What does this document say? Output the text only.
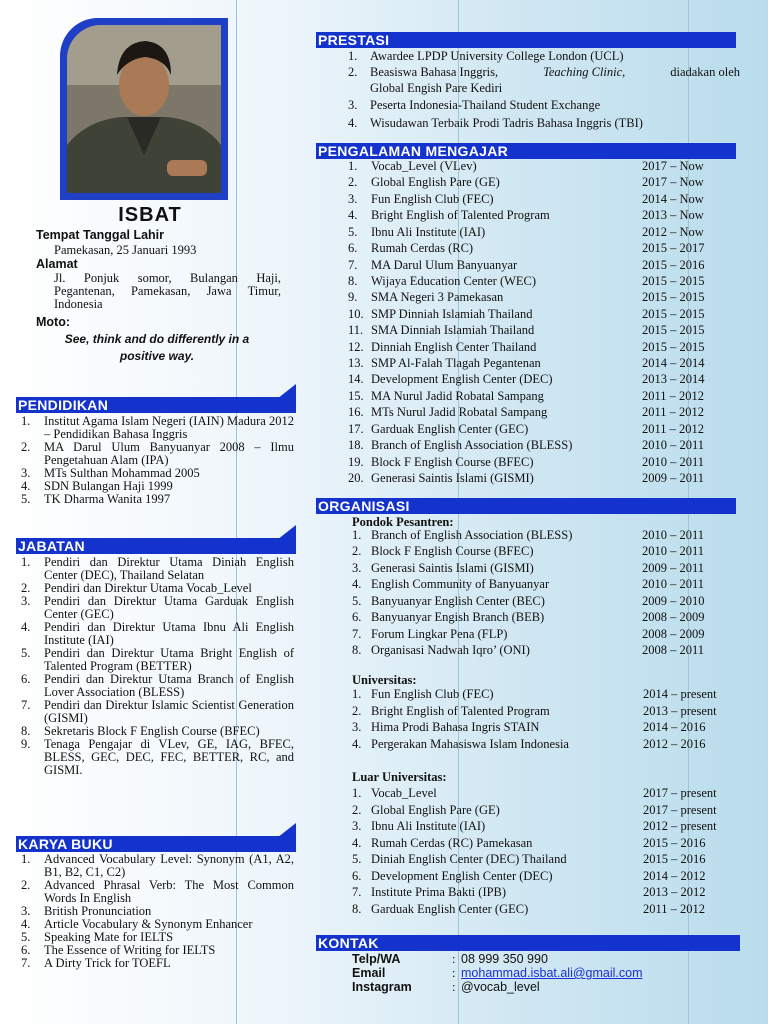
ISBAT
Tempat Tanggal Lahir
Pamekasan, 25 Januari 1993
Alamat
Jl. Ponjuk somor, Bulangan Haji, Pegantenan, Pamekasan, Jawa Timur, Indonesia
Moto:
See, think and do differently in a positive way.
PENDIDIKAN
1. Institut Agama Islam Negeri (IAIN) Madura 2012 – Pendidikan Bahasa Inggris
2. MA Darul Ulum Banyuanyar 2008 – Ilmu Pengetahuan Alam (IPA)
3. MTs Sulthan Mohammad 2005
4. SDN Bulangan Haji 1999
5. TK Dharma Wanita 1997
JABATAN
1. Pendiri dan Direktur Utama Diniah English Center (DEC), Thailand Selatan
2. Pendiri dan Direktur Utama Vocab_Level
3. Pendiri dan Direktur Utama Garduak English Center (GEC)
4. Pendiri dan Direktur Utama Ibnu Ali English Institute (IAI)
5. Pendiri dan Direktur Utama Bright English of Talented Program (BETTER)
6. Pendiri dan Direktur Utama Branch of English Lover Association (BLESS)
7. Pendiri dan Direktur Islamic Scientist Generation (GISMI)
8. Sekretaris Block F English Course (BFEC)
9. Tenaga Pengajar di VLev, GE, IAG, BFEC, BLESS, GEC, DEC, FEC, BETTER, RC, and GISMI.
KARYA BUKU
1. Advanced Vocabulary Level: Synonym (A1, A2, B1, B2, C1, C2)
2. Advanced Phrasal Verb: The Most Common Words In English
3. British Pronunciation
4. Article Vocabulary & Synonym Enhancer
5. Speaking Mate for IELTS
6. The Essence of Writing for IELTS
7. A Dirty Trick for TOEFL
PRESTASI
1. Awardee LPDP University College London (UCL)
2. Beasiswa Bahasa Inggris,	Teaching Clinic,	diadakan oleh
Global Engish Pare Kediri
3. Peserta Indonesia-Thailand Student Exchange
4. Wisudawan Terbaik Prodi Tadris Bahasa Inggris (TBI)
PENGALAMAN MENGAJAR
1. Vocab_Level (VLev)	2017 – Now
2. Global English Pare (GE)	2017 – Now
3. Fun English Club (FEC)	2014 – Now
4. Bright English of Talented Program	2013 – Now
5. Ibnu Ali Institute (IAI)	2012 – Now
6. Rumah Cerdas (RC)	2015 – 2017
7. MA Darul Ulum Banyuanyar	2015 – 2016
8. Wijaya Education Center (WEC)	2015 – 2015
9. SMA Negeri 3 Pamekasan	2015 – 2015
10. SMP Dinniah Islamiah Thailand	2015 – 2015
11. SMA Dinniah Islamiah Thailand	2015 – 2015
12. Dinniah English Center Thailand	2015 – 2015
13. SMP Al-Falah Tlagah Pegantenan	2014 – 2014
14. Development English Center (DEC)	2013 – 2014
15. MA Nurul Jadid Robatal Sampang	2011 – 2012
16. MTs Nurul Jadid Robatal Sampang	2011 – 2012
17. Garduak English Center (GEC)	2011 – 2012
18. Branch of English Association (BLESS)	2010 – 2011
19. Block F English Course (BFEC)	2010 – 2011
20. Generasi Saintis Islami (GISMI)	2009 – 2011
ORGANISASI
Pondok Pesantren:
1. Branch of English Association (BLESS)	2010 – 2011
2. Block F English Course (BFEC)	2010 – 2011
3. Generasi Saintis Islami (GISMI)	2009 – 2011
4. English Community of Banyuanyar	2010 – 2011
5. Banyuanyar English Center (BEC)	2009 – 2010
6. Banyuanyar Engish Branch (BEB)	2008 – 2009
7. Forum Lingkar Pena (FLP)	2008 – 2009
8. Organisasi Nadwah Iqro’ (ONI)	2008 – 2011
Universitas:
1. Fun English Club (FEC)	2014 – present
2. Bright English of Talented Program	2013 – present
3. Hima Prodi Bahasa Ingris STAIN	2014 – 2016
4. Pergerakan Mahasiswa Islam Indonesia	2012 – 2016
Luar Universitas:
1. Vocab_Level	2017 – present
2. Global English Pare (GE)	2017 – present
3. Ibnu Ali Institute (IAI)	2012 – present
4. Rumah Cerdas (RC) Pamekasan	2015 – 2016
5. Diniah English Center (DEC) Thailand	2015 – 2016
6. Development English Center (DEC)	2014 – 2012
7. Institute Prima Bakti (IPB)	2013 – 2012
8. Garduak English Center (GEC)	2011 – 2012
KONTAK
Telp/WA	: 08 999 350 990
Email	: mohammad.isbat.ali@gmail.com
Instagram	: @vocab_level
